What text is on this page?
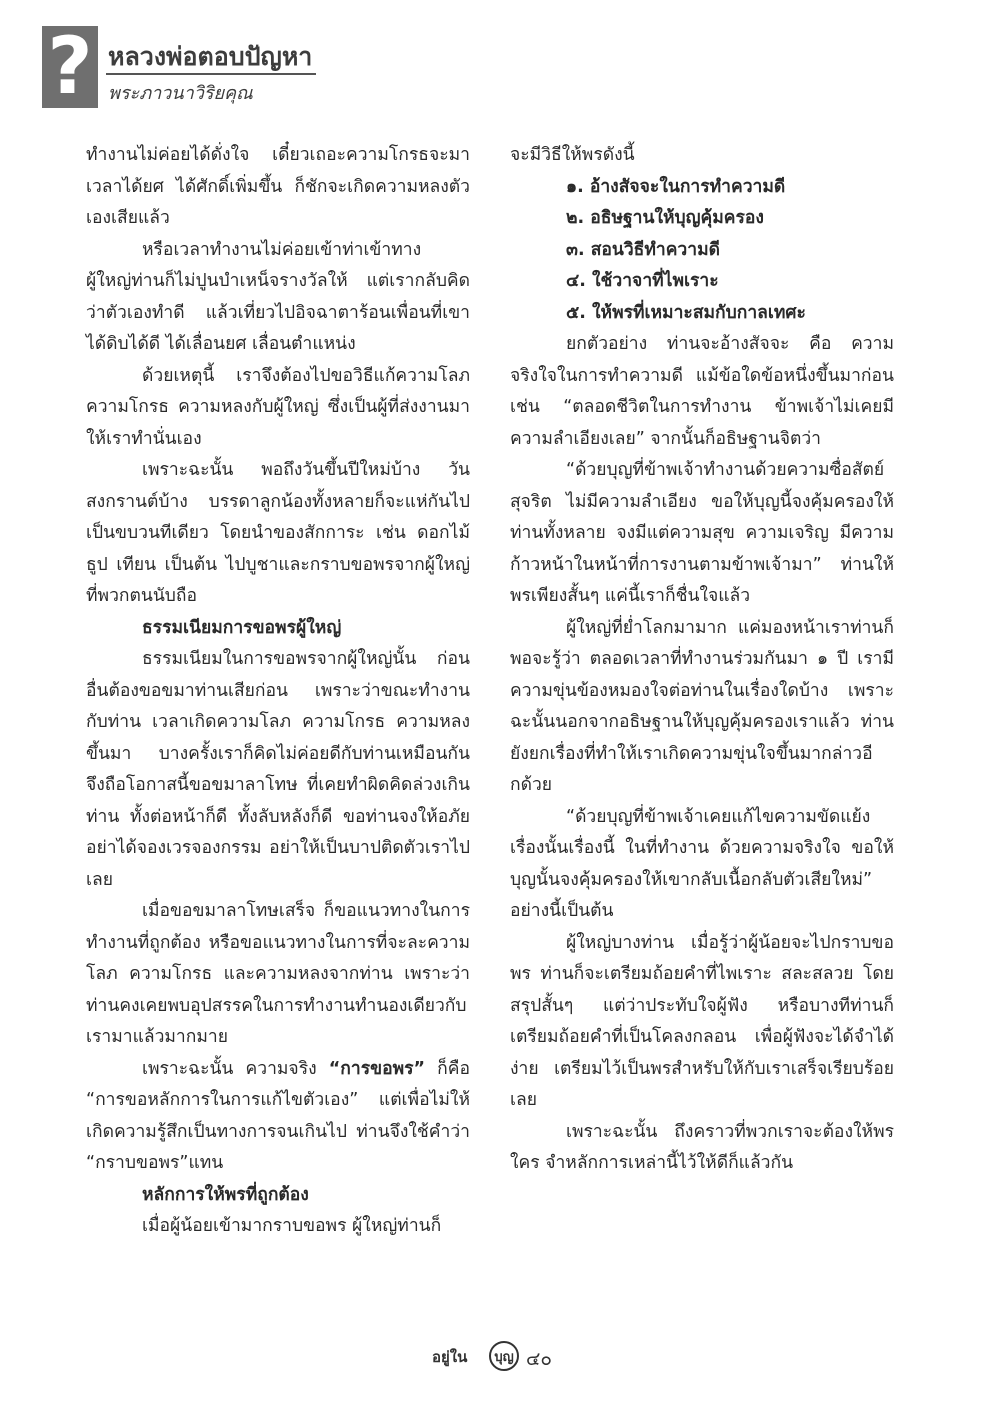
? หลวงพ่อตอบปัญหา
พระภาวนาวิริยคุณ

ทำงานไม่ค่อยได้ดั่งใจ เดี๋ยวเถอะความโกรธจะมา เวลาได้ยศ ได้ศักดิ์เพิ่มขึ้น ก็ชักจะเกิดความหลงตัวเองเสียแล้ว

หรือเวลาทำงานไม่ค่อยเข้าท่าเข้าทาง ผู้ใหญ่ท่านก็ไม่ปูนบำเหน็จรางวัลให้ แต่เรากลับคิดว่าตัวเองทำดี แล้วเที่ยวไปอิจฉาตาร้อนเพื่อนที่เขาได้ดิบได้ดี ได้เลื่อนยศ เลื่อนตำแหน่ง

ด้วยเหตุนี้ เราจึงต้องไปขอวิธีแก้ความโลภ ความโกรธ ความหลงกับผู้ใหญ่ ซึ่งเป็นผู้ที่ส่งงานมาให้เราทำนั่นเอง

เพราะฉะนั้น พอถึงวันขึ้นปีใหม่บ้าง วันสงกรานต์บ้าง บรรดาลูกน้องทั้งหลายก็จะแห่กันไปเป็นขบวนทีเดียว โดยนำของสักการะ เช่น ดอกไม้ ธูป เทียน เป็นต้น ไปบูชาและกราบขอพรจากผู้ใหญ่ที่พวกตนนับถือ

ธรรมเนียมการขอพรผู้ใหญ่

ธรรมเนียมในการขอพรจากผู้ใหญ่นั้น ก่อนอื่นต้องขอขมาท่านเสียก่อน เพราะว่าขณะทำงานกับท่าน เวลาเกิดความโลภ ความโกรธ ความหลงขึ้นมา บางครั้งเราก็คิดไม่ค่อยดีกับท่านเหมือนกัน จึงถือโอกาสนี้ขอขมาลาโทษ ที่เคยทำผิดคิดล่วงเกินท่าน ทั้งต่อหน้าก็ดี ทั้งลับหลังก็ดี ขอท่านจงให้อภัย อย่าได้จองเวรจองกรรม อย่าให้เป็นบาปติดตัวเราไปเลย

เมื่อขอขมาลาโทษเสร็จ ก็ขอแนวทางในการทำงานที่ถูกต้อง หรือขอแนวทางในการที่จะละความโลภ ความโกรธ และความหลงจากท่าน เพราะว่าท่านคงเคยพบอุปสรรคในการทำงานทำนองเดียวกับเรามาแล้วมากมาย

เพราะฉะนั้น ความจริง “การขอพร” ก็คือ “การขอหลักการในการแก้ไขตัวเอง” แต่เพื่อไม่ให้เกิดความรู้สึกเป็นทางการจนเกินไป ท่านจึงใช้คำว่า “กราบขอพร”แทน

หลักการให้พรที่ถูกต้อง

เมื่อผู้น้อยเข้ามากราบขอพร ผู้ใหญ่ท่านก็

จะมีวิธีให้พรดังนี้

๑. อ้างสัจจะในการทำความดี
๒. อธิษฐานให้บุญคุ้มครอง
๓. สอนวิธีทำความดี
๔. ใช้วาจาที่ไพเราะ
๕. ให้พรที่เหมาะสมกับกาลเทศะ

ยกตัวอย่าง ท่านจะอ้างสัจจะ คือ ความจริงใจในการทำความดี แม้ข้อใดข้อหนึ่งขึ้นมาก่อน เช่น “ตลอดชีวิตในการทำงาน ข้าพเจ้าไม่เคยมีความลำเอียงเลย” จากนั้นก็อธิษฐานจิตว่า

“ด้วยบุญที่ข้าพเจ้าทำงานด้วยความซื่อสัตย์สุจริต ไม่มีความลำเอียง ขอให้บุญนี้จงคุ้มครองให้ท่านทั้งหลาย จงมีแต่ความสุข ความเจริญ มีความก้าวหน้าในหน้าที่การงานตามข้าพเจ้ามา” ท่านให้พรเพียงสั้นๆ แค่นี้เราก็ชื่นใจแล้ว

ผู้ใหญ่ที่ย่ำโลกมามาก แค่มองหน้าเราท่านก็พอจะรู้ว่า ตลอดเวลาที่ทำงานร่วมกันมา ๑ ปี เรามีความขุ่นข้องหมองใจต่อท่านในเรื่องใดบ้าง เพราะฉะนั้นนอกจากอธิษฐานให้บุญคุ้มครองเราแล้ว ท่านยังยกเรื่องที่ทำให้เราเกิดความขุ่นใจขึ้นมากล่าวอีกด้วย

“ด้วยบุญที่ข้าพเจ้าเคยแก้ไขความขัดแย้งเรื่องนั้นเรื่องนี้ ในที่ทำงาน ด้วยความจริงใจ ขอให้บุญนั้นจงคุ้มครองให้เขากลับเนื้อกลับตัวเสียใหม่” อย่างนี้เป็นต้น

ผู้ใหญ่บางท่าน เมื่อรู้ว่าผู้น้อยจะไปกราบขอพร ท่านก็จะเตรียมถ้อยคำที่ไพเราะ สละสลวย โดยสรุปสั้นๆ แต่ว่าประทับใจผู้ฟัง หรือบางทีท่านก็เตรียมถ้อยคำที่เป็นโคลงกลอน เพื่อผู้ฟังจะได้จำได้ง่าย เตรียมไว้เป็นพรสำหรับให้กับเราเสร็จเรียบร้อยเลย

เพราะฉะนั้น ถึงคราวที่พวกเราจะต้องให้พรใคร จำหลักการเหล่านี้ไว้ให้ดีก็แล้วกัน

อยู่ใน บุญ ๔๐
